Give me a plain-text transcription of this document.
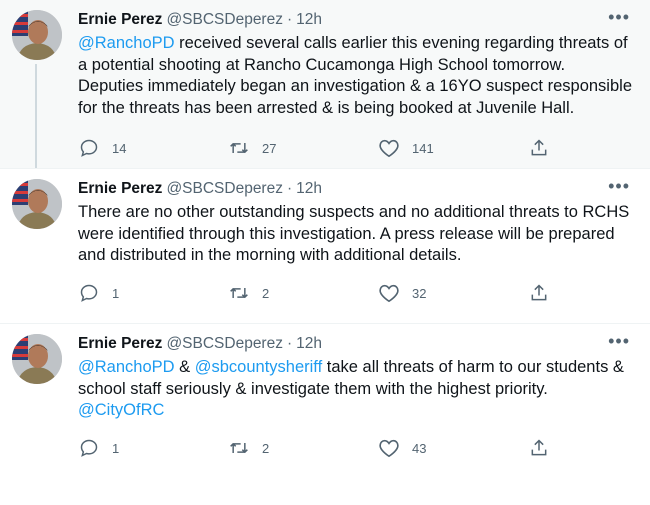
Ernie Perez @SBCSDeperez · 12h	•••
@RanchoPD received several calls earlier this evening regarding threats of a potential shooting at Rancho Cucamonga High School tomorrow. Deputies immediately began an investigation & a 16YO suspect responsible for the threats has been arrested & is being booked at Juvenile Hall.
14	27	141
Ernie Perez @SBCSDeperez · 12h	•••
There are no other outstanding suspects and no additional threats to RCHS were identified through this investigation. A press release will be prepared and distributed in the morning with additional details.
1	2	32
Ernie Perez @SBCSDeperez · 12h	•••
@RanchoPD & @sbcountysheriff take all threats of harm to our students & school staff seriously & investigate them with the highest priority. @CityOfRC
1	2	43
